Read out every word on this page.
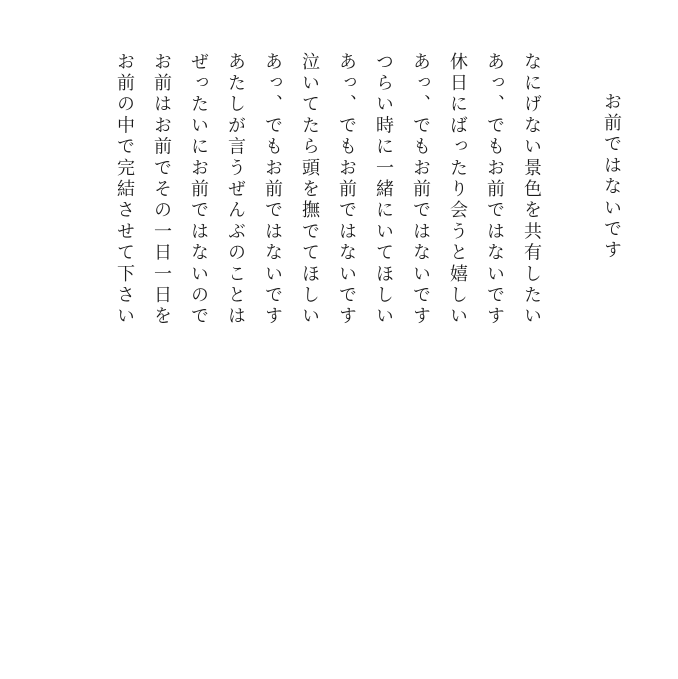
お前ではないです
なにげない景色を共有したい
あっ、でもお前ではないです
休日にばったり会うと嬉しい
あっ、でもお前ではないです
つらい時に一緒にいてほしい
あっ、でもお前ではないです
泣いてたら頭を撫でてほしい
あっ、でもお前ではないです
あたしが言うぜんぶのことは
ぜったいにお前ではないので
お前はお前でその一日一日を
お前の中で完結させて下さい
